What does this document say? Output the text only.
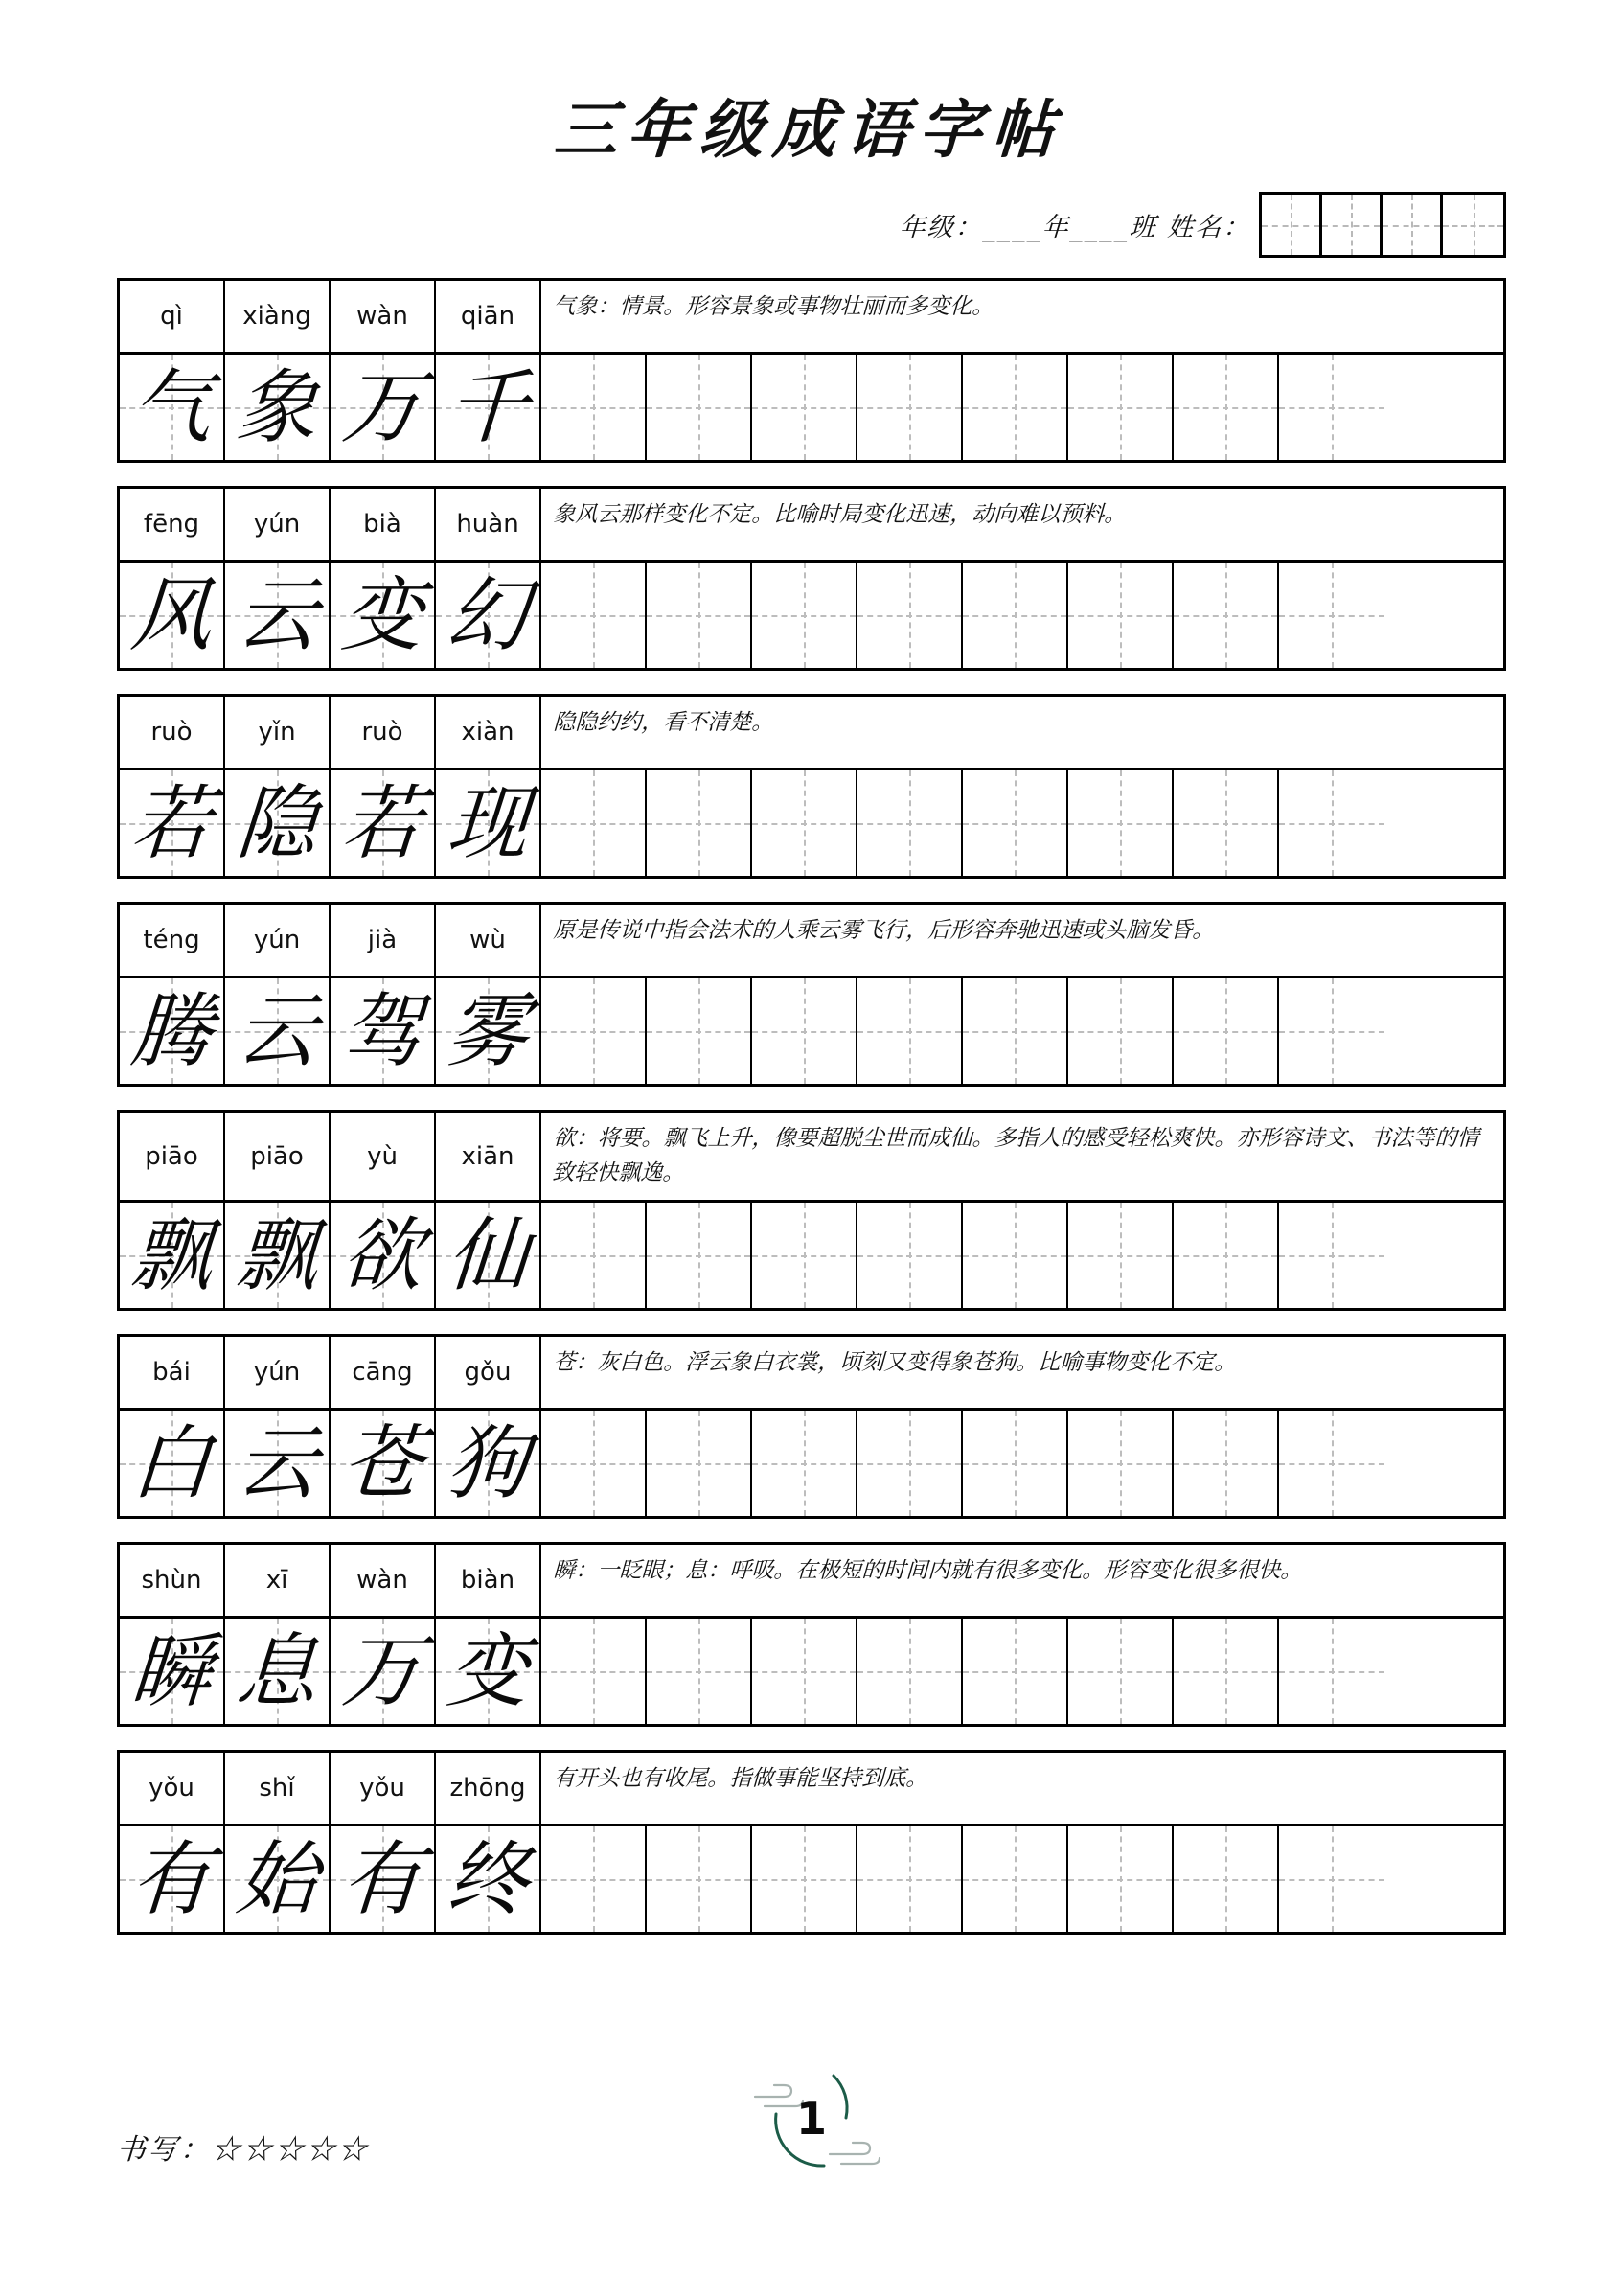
三年级成语字帖
年级：____年____班 姓名：
qì	xiàng	wàn	qiān	气象：情景。形容景象或事物壮丽而多变化。
气 象 万 千
fēng	yún	bià	huàn	象风云那样变化不定。比喻时局变化迅速，动向难以预料。
风 云 变 幻
ruò	yǐn	ruò	xiàn	隐隐约约，看不清楚。
若 隐 若 现
téng	yún	jià	wù	原是传说中指会法术的人乘云雾飞行，后形容奔驰迅速或头脑发昏。
腾 云 驾 雾
piāo	piāo	yù	xiān
欲：将要。飘飞上升，像要超脱尘世而成仙。多指人的感受轻松爽快。亦形容诗文、书法等的情致轻快飘逸。
飘 飘 欲 仙
bái	yún	cāng	gǒu	苍：灰白色。浮云象白衣裳，顷刻又变得象苍狗。比喻事物变化不定。
白 云 苍 狗
shùn	xī	wàn	biàn	瞬：一眨眼；息：呼吸。在极短的时间内就有很多变化。形容变化很多很快。
瞬 息 万 变
yǒu	shǐ	yǒu	zhōng	有开头也有收尾。指做事能坚持到底。
有 始 有 终
书写：☆☆☆☆☆
1
